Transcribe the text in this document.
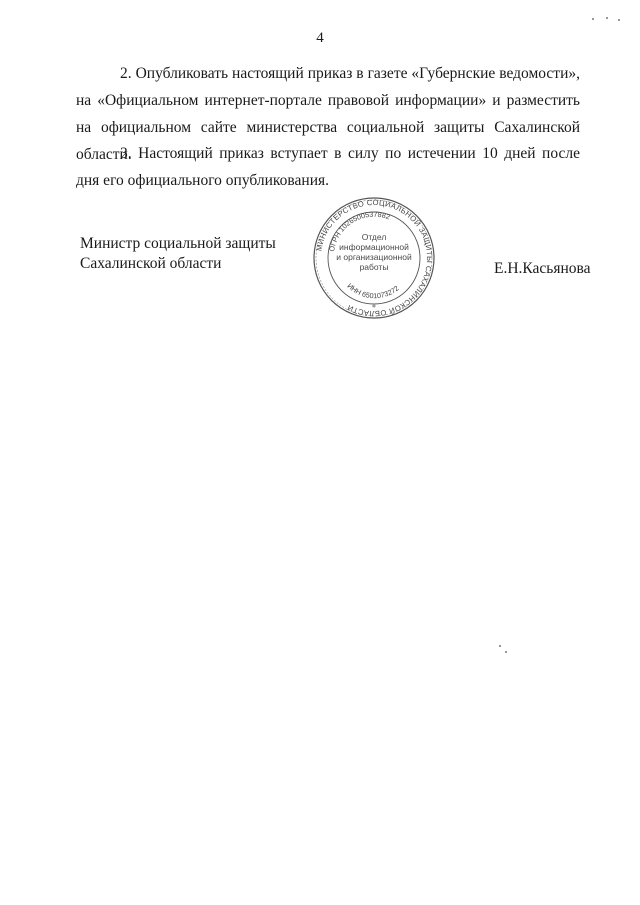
4

2. Опубликовать настоящий приказ в газете «Губернские ведомости», на «Официальном интернет-портале правовой информации» и разместить на официальном сайте министерства социальной защиты Сахалинской области.

3. Настоящий приказ вступает в силу по истечении 10 дней после дня его официального опубликования.

Министр социальной защиты
Сахалинской области
МИНИСТЕРСТВО СОЦИАЛЬНОЙ ЗАЩИТЫ САХАЛИНСКОЙ ОБЛАСТИ
ОГРН 1026500537882
ИНН 6501073272
*
Отдел
информационной
и организационной
работы	Е.Н.Касьянова
